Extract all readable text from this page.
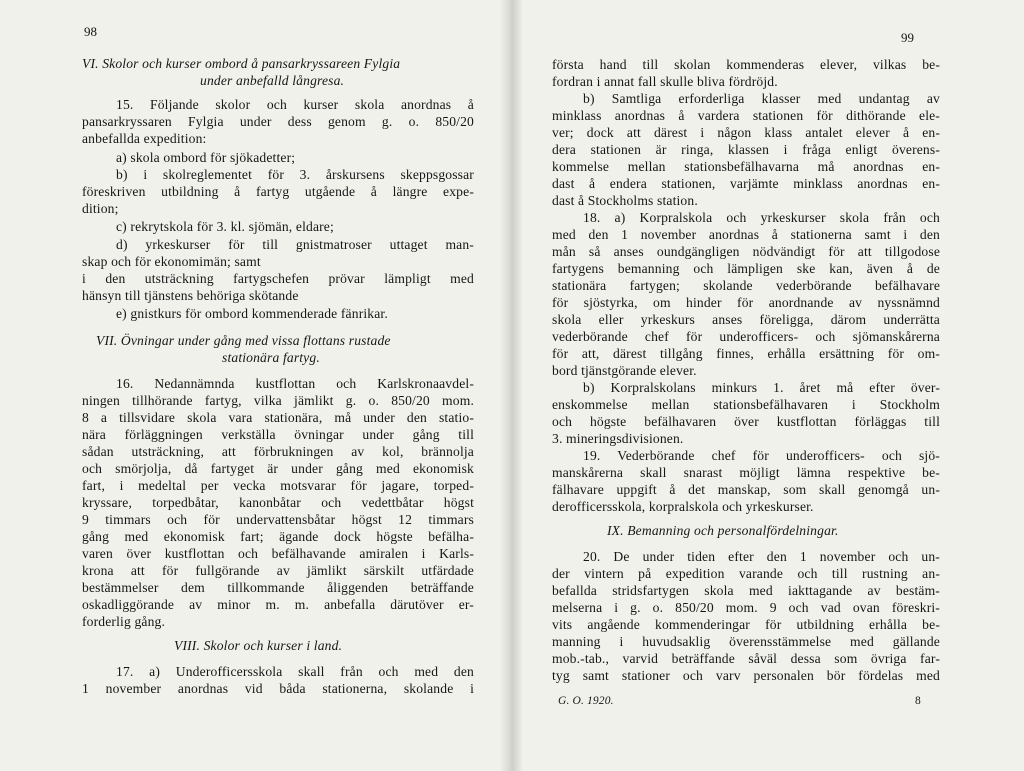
98
VI. Skolor och kurser ombord å pansarkryssareen Fylgia
under anbefalld långresa.
15. Följande skolor och kurser skola anordnas å
pansarkryssaren Fylgia under dess genom g. o. 850/20
anbefallda expedition:
a) skola ombord för sjökadetter;
b) i skolreglementet för 3. årskursens skeppsgossar
föreskriven utbildning å fartyg utgående å längre expe-
dition;
c) rekrytskola för 3. kl. sjömän, eldare;
d) yrkeskurser för till gnistmatroser uttaget man-
skap och för ekonomimän; samt
i den utsträckning fartygschefen prövar lämpligt med
hänsyn till tjänstens behöriga skötande
e) gnistkurs för ombord kommenderade fänrikar.
VII. Övningar under gång med vissa flottans rustade
stationära fartyg.
16. Nedannämnda kustflottan och Karlskronaavdel-
ningen tillhörande fartyg, vilka jämlikt g. o. 850/20 mom.
8 a tillsvidare skola vara stationära, må under den statio-
nära förläggningen verkställa övningar under gång till
sådan utsträckning, att förbrukningen av kol, brännolja
och smörjolja, då fartyget är under gång med ekonomisk
fart, i medeltal per vecka motsvarar för jagare, torped-
kryssare, torpedbåtar, kanonbåtar och vedettbåtar högst
9 timmars och för undervattensbåtar högst 12 timmars
gång med ekonomisk fart; ägande dock högste befälha-
varen över kustflottan och befälhavande amiralen i Karls-
krona att för fullgörande av jämlikt särskilt utfärdade
bestämmelser dem tillkommande åliggenden beträffande
oskadliggörande av minor m. m. anbefalla därutöver er-
forderlig gång.
VIII. Skolor och kurser i land.
17. a) Underofficersskola skall från och med den
1 november anordnas vid båda stationerna, skolande i
99
första hand till skolan kommenderas elever, vilkas be-
fordran i annat fall skulle bliva fördröjd.
b) Samtliga erforderliga klasser med undantag av
minklass anordnas å vardera stationen för dithörande ele-
ver; dock att därest i någon klass antalet elever å en-
dera stationen är ringa, klassen i fråga enligt överens-
kommelse mellan stationsbefälhavarna må anordnas en-
dast å endera stationen, varjämte minklass anordnas en-
dast å Stockholms station.
18. a) Korpralskola och yrkeskurser skola från och
med den 1 november anordnas å stationerna samt i den
mån så anses oundgängligen nödvändigt för att tillgodose
fartygens bemanning och lämpligen ske kan, även å de
stationära fartygen; skolande vederbörande befälhavare
för sjöstyrka, om hinder för anordnande av nyssnämnd
skola eller yrkeskurs anses föreligga, därom underrätta
vederbörande chef för underofficers- och sjömanskårerna
för att, därest tillgång finnes, erhålla ersättning för om-
bord tjänstgörande elever.
b) Korpralskolans minkurs 1. året må efter över-
enskommelse mellan stationsbefälhavaren i Stockholm
och högste befälhavaren över kustflottan förläggas till
3. mineringsdivisionen.
19. Vederbörande chef för underofficers- och sjö-
manskårerna skall snarast möjligt lämna respektive be-
fälhavare uppgift å det manskap, som skall genomgå un-
derofficersskola, korpralskola och yrkeskurser.
IX. Bemanning och personalfördelningar.
20. De under tiden efter den 1 november och un-
der vintern på expedition varande och till rustning an-
befallda stridsfartygen skola med iakttagande av bestäm-
melserna i g. o. 850/20 mom. 9 och vad ovan föreskri-
vits angående kommenderingar för utbildning erhålla be-
manning i huvudsaklig överensstämmelse med gällande
mob.-tab., varvid beträffande såväl dessa som övriga far-
tyg samt stationer och varv personalen bör fördelas med
G. O. 1920.	8
